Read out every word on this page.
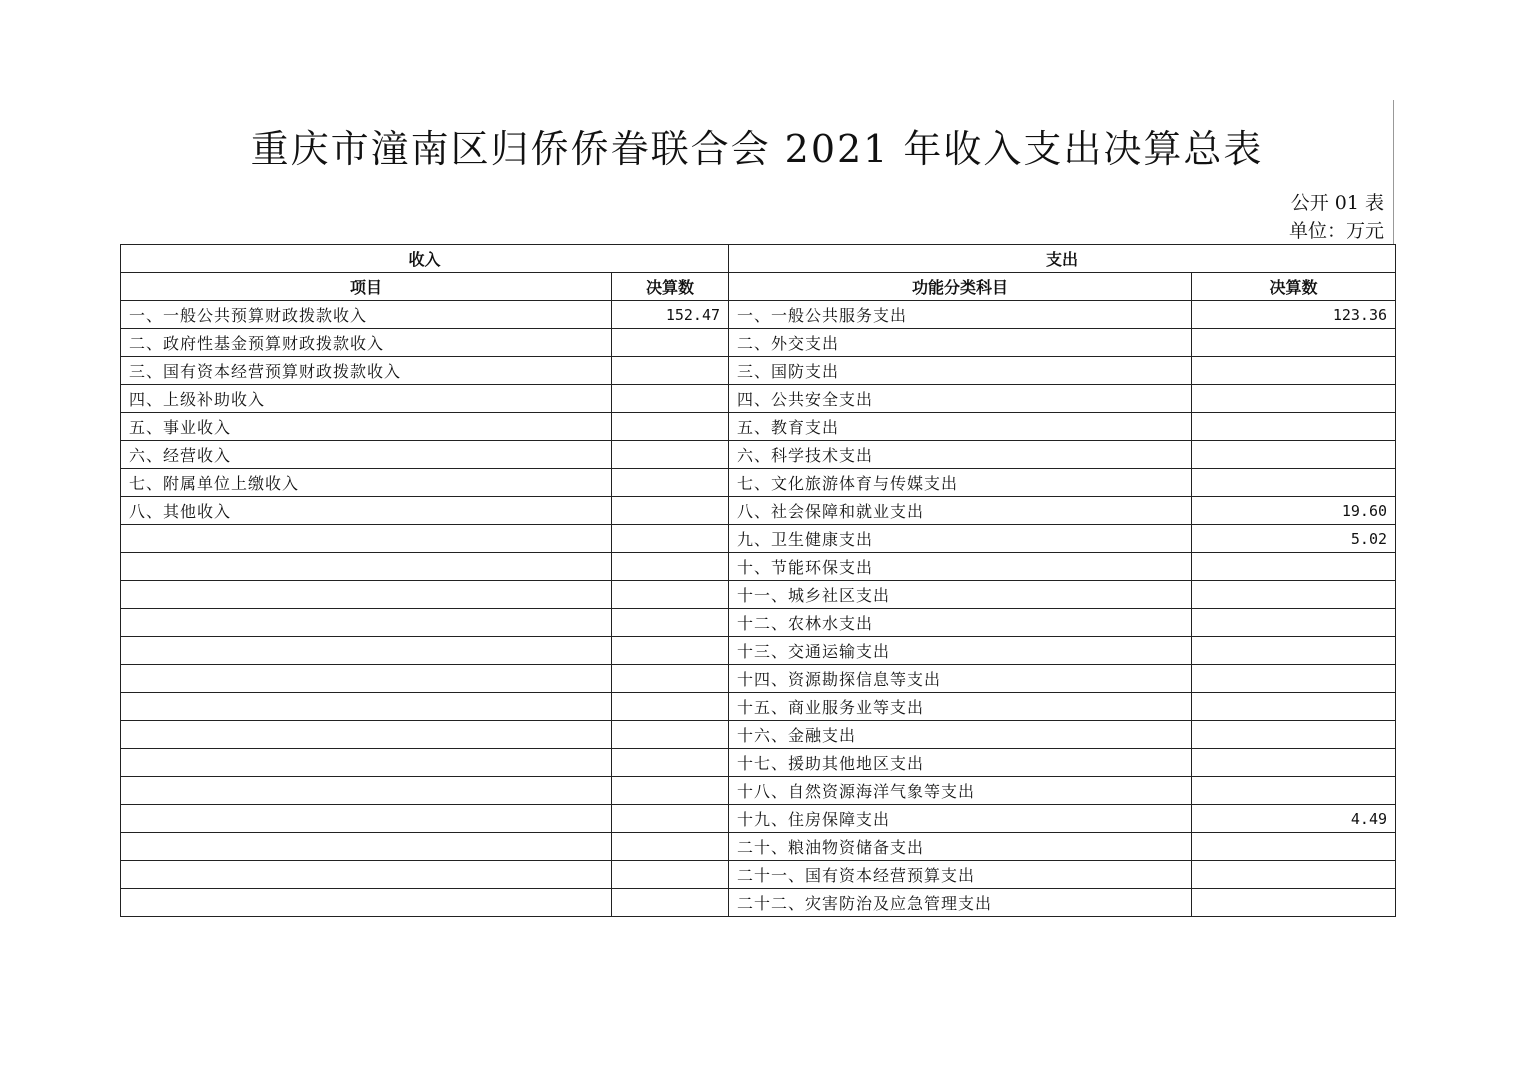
重庆市潼南区归侨侨眷联合会 2021 年收入支出决算总表
公开 01 表
单位：万元
收入		支出	
项目	决算数	功能分类科目	决算数
一、一般公共预算财政拨款收入	152.47	一、一般公共服务支出	123.36
二、政府性基金预算财政拨款收入		二、外交支出	
三、国有资本经营预算财政拨款收入		三、国防支出	
四、上级补助收入		四、公共安全支出	
五、事业收入		五、教育支出	
六、经营收入		六、科学技术支出	
七、附属单位上缴收入		七、文化旅游体育与传媒支出	
八、其他收入		八、社会保障和就业支出	19.60
		九、卫生健康支出	5.02
		十、节能环保支出	
		十一、城乡社区支出	
		十二、农林水支出	
		十三、交通运输支出	
		十四、资源勘探信息等支出	
		十五、商业服务业等支出	
		十六、金融支出	
		十七、援助其他地区支出	
		十八、自然资源海洋气象等支出	
		十九、住房保障支出	4.49
		二十、粮油物资储备支出	
		二十一、国有资本经营预算支出	
		二十二、灾害防治及应急管理支出	
